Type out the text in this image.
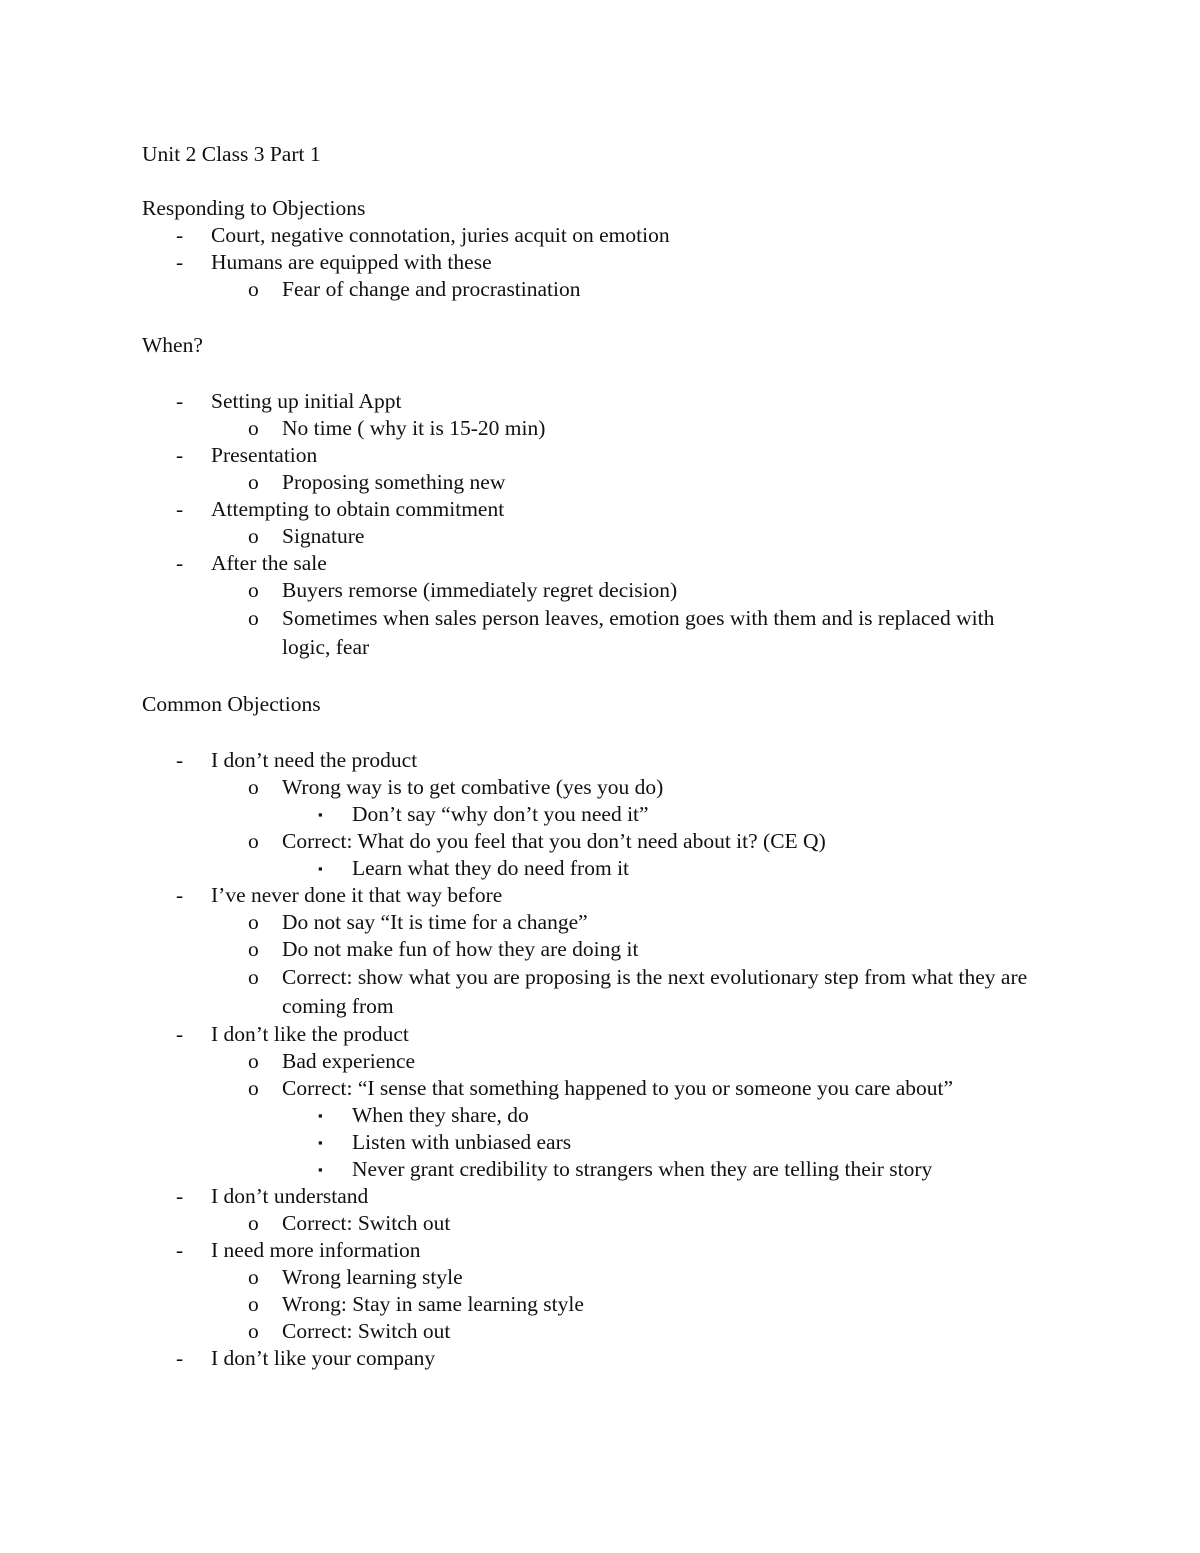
Unit 2 Class 3 Part 1
Responding to Objections
- Court, negative connotation, juries acquit on emotion
- Humans are equipped with these
o Fear of change and procrastination
When?
- Setting up initial Appt
o No time ( why it is 15-20 min)
- Presentation
o Proposing something new
- Attempting to obtain commitment
o Signature
- After the sale
o Buyers remorse (immediately regret decision)
o Sometimes when sales person leaves, emotion goes with them and is replaced with logic, fear
Common Objections
- I don’t need the product
o Wrong way is to get combative (yes you do)
▪ Don’t say “why don’t you need it”
o Correct: What do you feel that you don’t need about it? (CE Q)
▪ Learn what they do need from it
- I’ve never done it that way before
o Do not say “It is time for a change”
o Do not make fun of how they are doing it
o Correct: show what you are proposing is the next evolutionary step from what they are coming from
- I don’t like the product
o Bad experience
o Correct: “I sense that something happened to you or someone you care about”
▪ When they share, do
▪ Listen with unbiased ears
▪ Never grant credibility to strangers when they are telling their story
- I don’t understand
o Correct: Switch out
- I need more information
o Wrong learning style
o Wrong: Stay in same learning style
o Correct: Switch out
- I don’t like your company
